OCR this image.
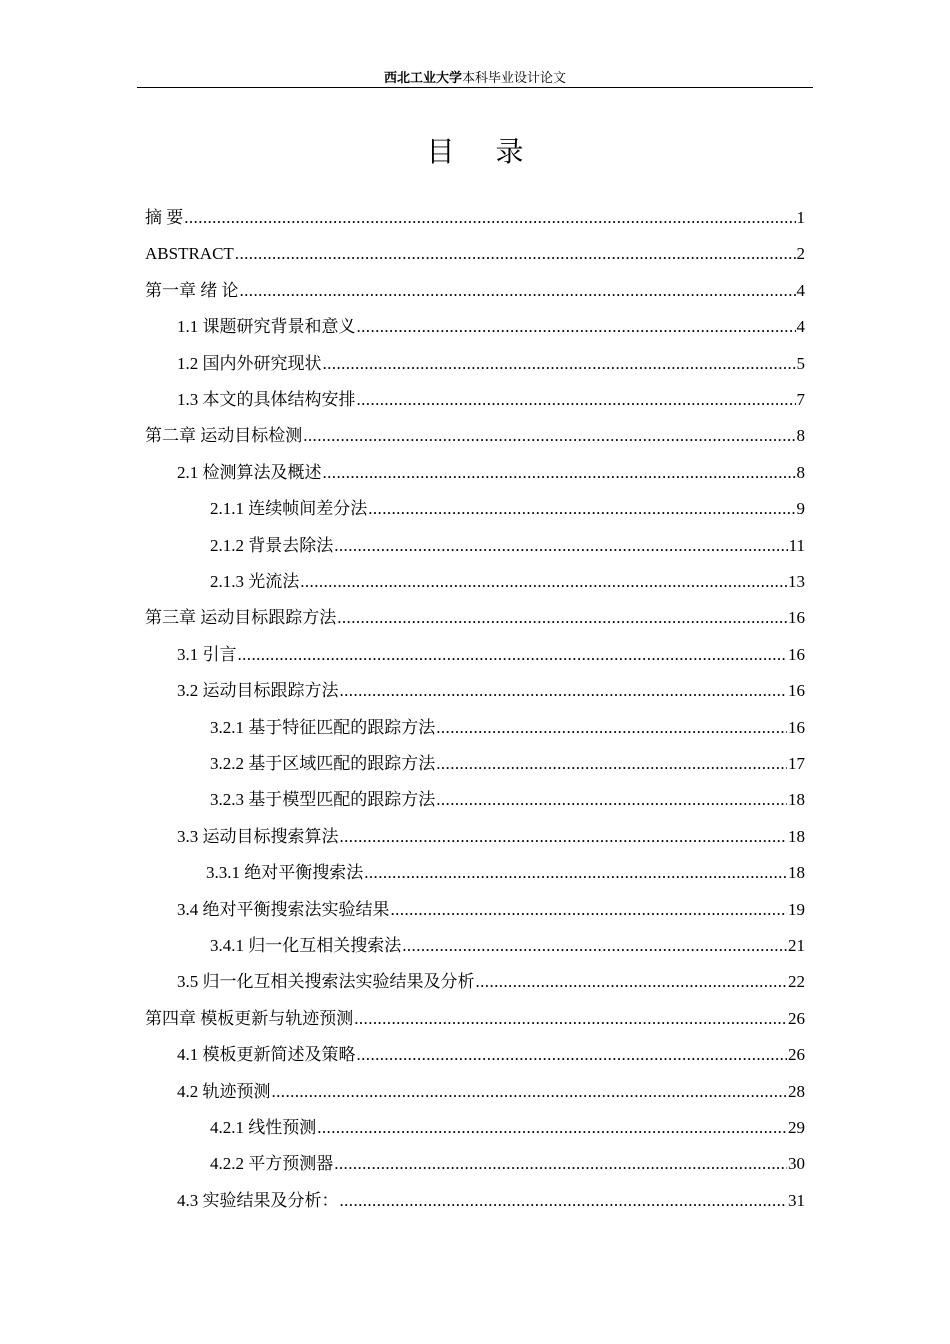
西北工业大学本科毕业设计论文
目 录
摘 要 .....	1
ABSTRACT .....	2
第一章 绪 论 .....	4
1.1 课题研究背景和意义 .....	4
1.2 国内外研究现状 .....	5
1.3 本文的具体结构安排 .....	7
第二章 运动目标检测 .....	8
2.1 检测算法及概述 .....	8
2.1.1 连续帧间差分法 .....	9
2.1.2 背景去除法 .....	11
2.1.3 光流法 .....	13
第三章 运动目标跟踪方法 .....	16
3.1 引言 .....	16
3.2 运动目标跟踪方法 .....	16
3.2.1 基于特征匹配的跟踪方法 .....	16
3.2.2 基于区域匹配的跟踪方法 .....	17
3.2.3 基于模型匹配的跟踪方法 .....	18
3.3 运动目标搜索算法 .....	18
3.3.1 绝对平衡搜索法 .....	18
3.4 绝对平衡搜索法实验结果 .....	19
3.4.1 归一化互相关搜索法 .....	21
3.5 归一化互相关搜索法实验结果及分析 .....	22
第四章 模板更新与轨迹预测 .....	26
4.1 模板更新简述及策略 .....	26
4.2 轨迹预测 .....	28
4.2.1 线性预测 .....	29
4.2.2 平方预测器 .....	30
4.3 实验结果及分析： .....	31
